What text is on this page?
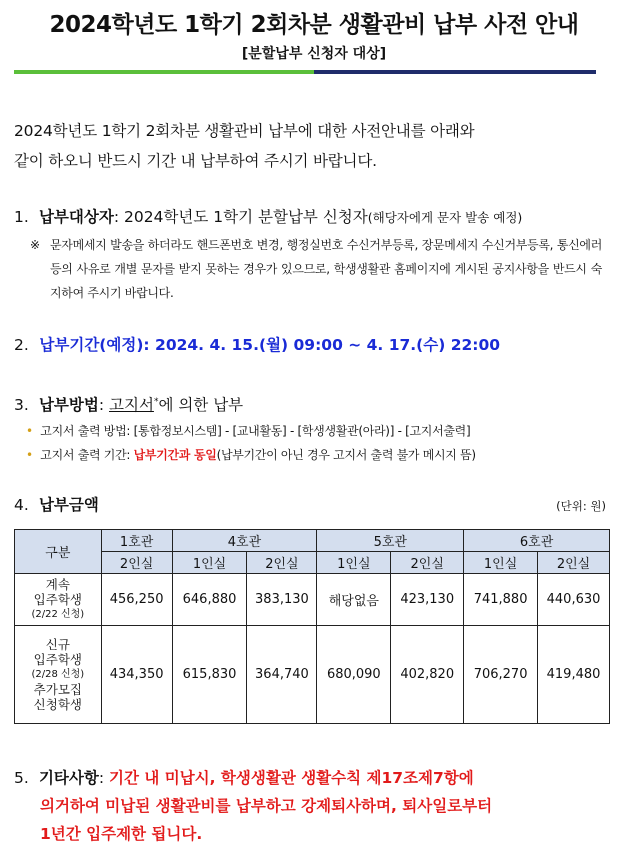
2024학년도 1학기 2회차분 생활관비 납부 사전 안내
[분할납부 신청자 대상]
2024학년도 1학기 2회차분 생활관비 납부에 대한 사전안내를 아래와
같이 하오니 반드시 기간 내 납부하여 주시기 바랍니다.
1. 납부대상자: 2024학년도 1학기 분할납부 신청자(해당자에게 문자 발송 예정)
※ 문자메세지 발송을 하더라도 핸드폰번호 변경, 행정실번호 수신거부등록, 장문메세지 수신거부등록, 통신에러 등의 사유로 개별 문자를 받지 못하는 경우가 있으므로, 학생생활관 홈페이지에 게시된 공지사항을 반드시 숙지하여 주시기 바랍니다.
2. 납부기간(예정): 2024. 4. 15.(월) 09:00 ~ 4. 17.(수) 22:00
3. 납부방법: 고지서*에 의한 납부
• 고지서 출력 방법: [통합정보시스템] - [교내활동] - [학생생활관(아라)] - [고지서출력]
• 고지서 출력 기간: 납부기간과 동일(납부기간이 아닌 경우 고지서 출력 불가 메시지 뜸)
4. 납부금액	(단위: 원)
구분	1호관	4호관		5호관		6호관	
	2인실	1인실	2인실	1인실	2인실	1인실	2인실

계속
입주학생
(2/22 신청)	456,250	646,880	383,130	해당없음	423,130	741,880	440,630

신규
입주학생
(2/28 신청)
추가모집
신청학생	434,350	615,830	364,740	680,090	402,820	706,270	419,480
5. 기타사항: 기간 내 미납시, 학생생활관 생활수칙 제17조제7항에
의거하여 미납된 생활관비를 납부하고 강제퇴사하며, 퇴사일로부터
1년간 입주제한 됩니다.
